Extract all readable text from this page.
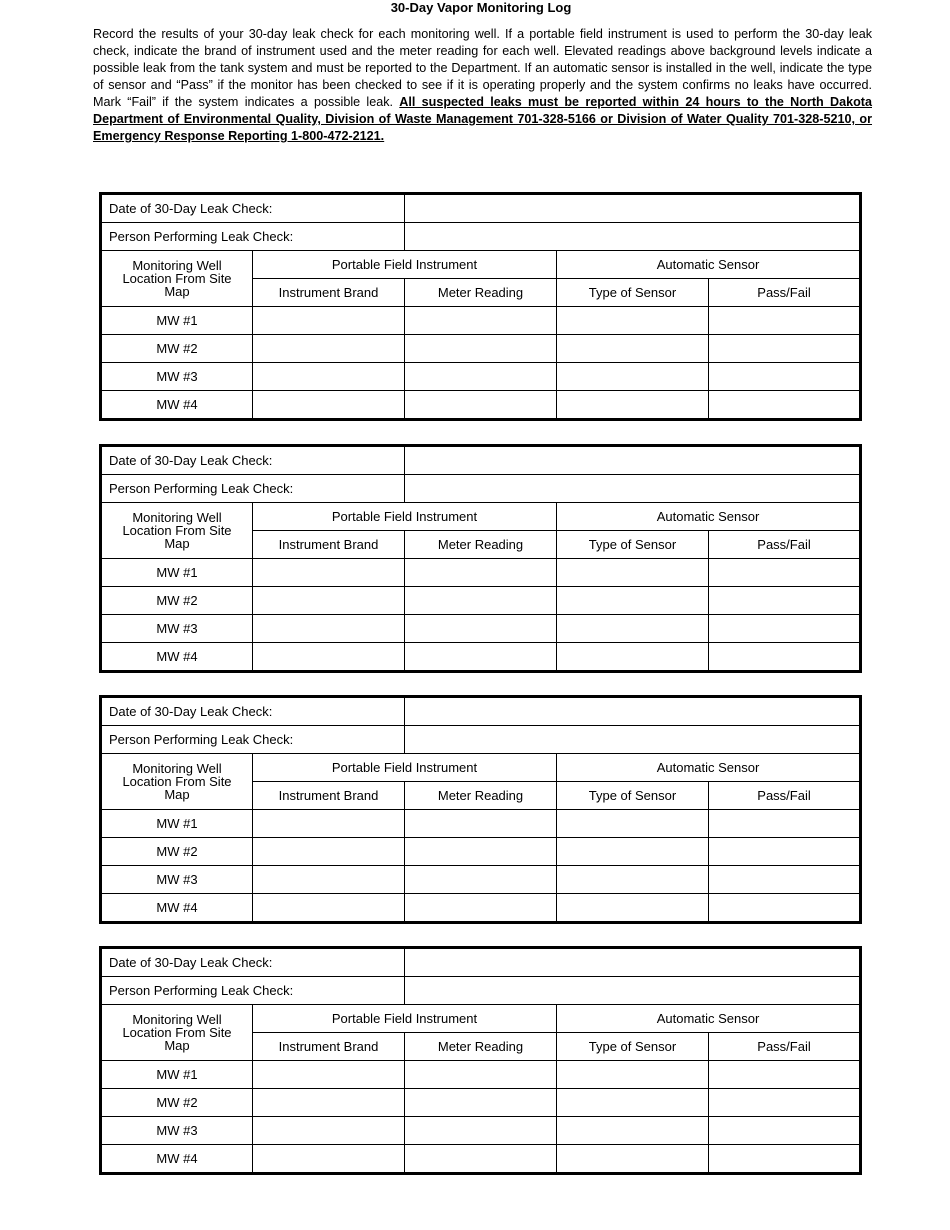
30-Day Vapor Monitoring Log
Record the results of your 30-day leak check for each monitoring well. If a portable field instrument is used to perform the 30-day leak check, indicate the brand of instrument used and the meter reading for each well. Elevated readings above background levels indicate a possible leak from the tank system and must be reported to the Department. If an automatic sensor is installed in the well, indicate the type of sensor and “Pass” if the monitor has been checked to see if it is operating properly and the system confirms no leaks have occurred. Mark “Fail” if the system indicates a possible leak. All suspected leaks must be reported within 24 hours to the North Dakota Department of Environmental Quality, Division of Waste Management 701-328-5166 or Division of Water Quality 701-328-5210, or Emergency Response Reporting 1-800-472-2121.
Date of 30-Day Leak Check:				
Person Performing Leak Check:				

Monitoring Well Location From Site Map	Portable Field Instrument		Automatic Sensor	
	Instrument Brand	Meter Reading	Type of Sensor	Pass/Fail
MW #1				
MW #2				
MW #3				
MW #4				
Date of 30-Day Leak Check:				
Person Performing Leak Check:				

Monitoring Well Location From Site Map	Portable Field Instrument		Automatic Sensor	
	Instrument Brand	Meter Reading	Type of Sensor	Pass/Fail
MW #1				
MW #2				
MW #3				
MW #4				
Date of 30-Day Leak Check:				
Person Performing Leak Check:				

Monitoring Well Location From Site Map	Portable Field Instrument		Automatic Sensor	
	Instrument Brand	Meter Reading	Type of Sensor	Pass/Fail
MW #1				
MW #2				
MW #3				
MW #4				
Date of 30-Day Leak Check:				
Person Performing Leak Check:				

Monitoring Well Location From Site Map	Portable Field Instrument		Automatic Sensor	
	Instrument Brand	Meter Reading	Type of Sensor	Pass/Fail
MW #1				
MW #2				
MW #3				
MW #4				
